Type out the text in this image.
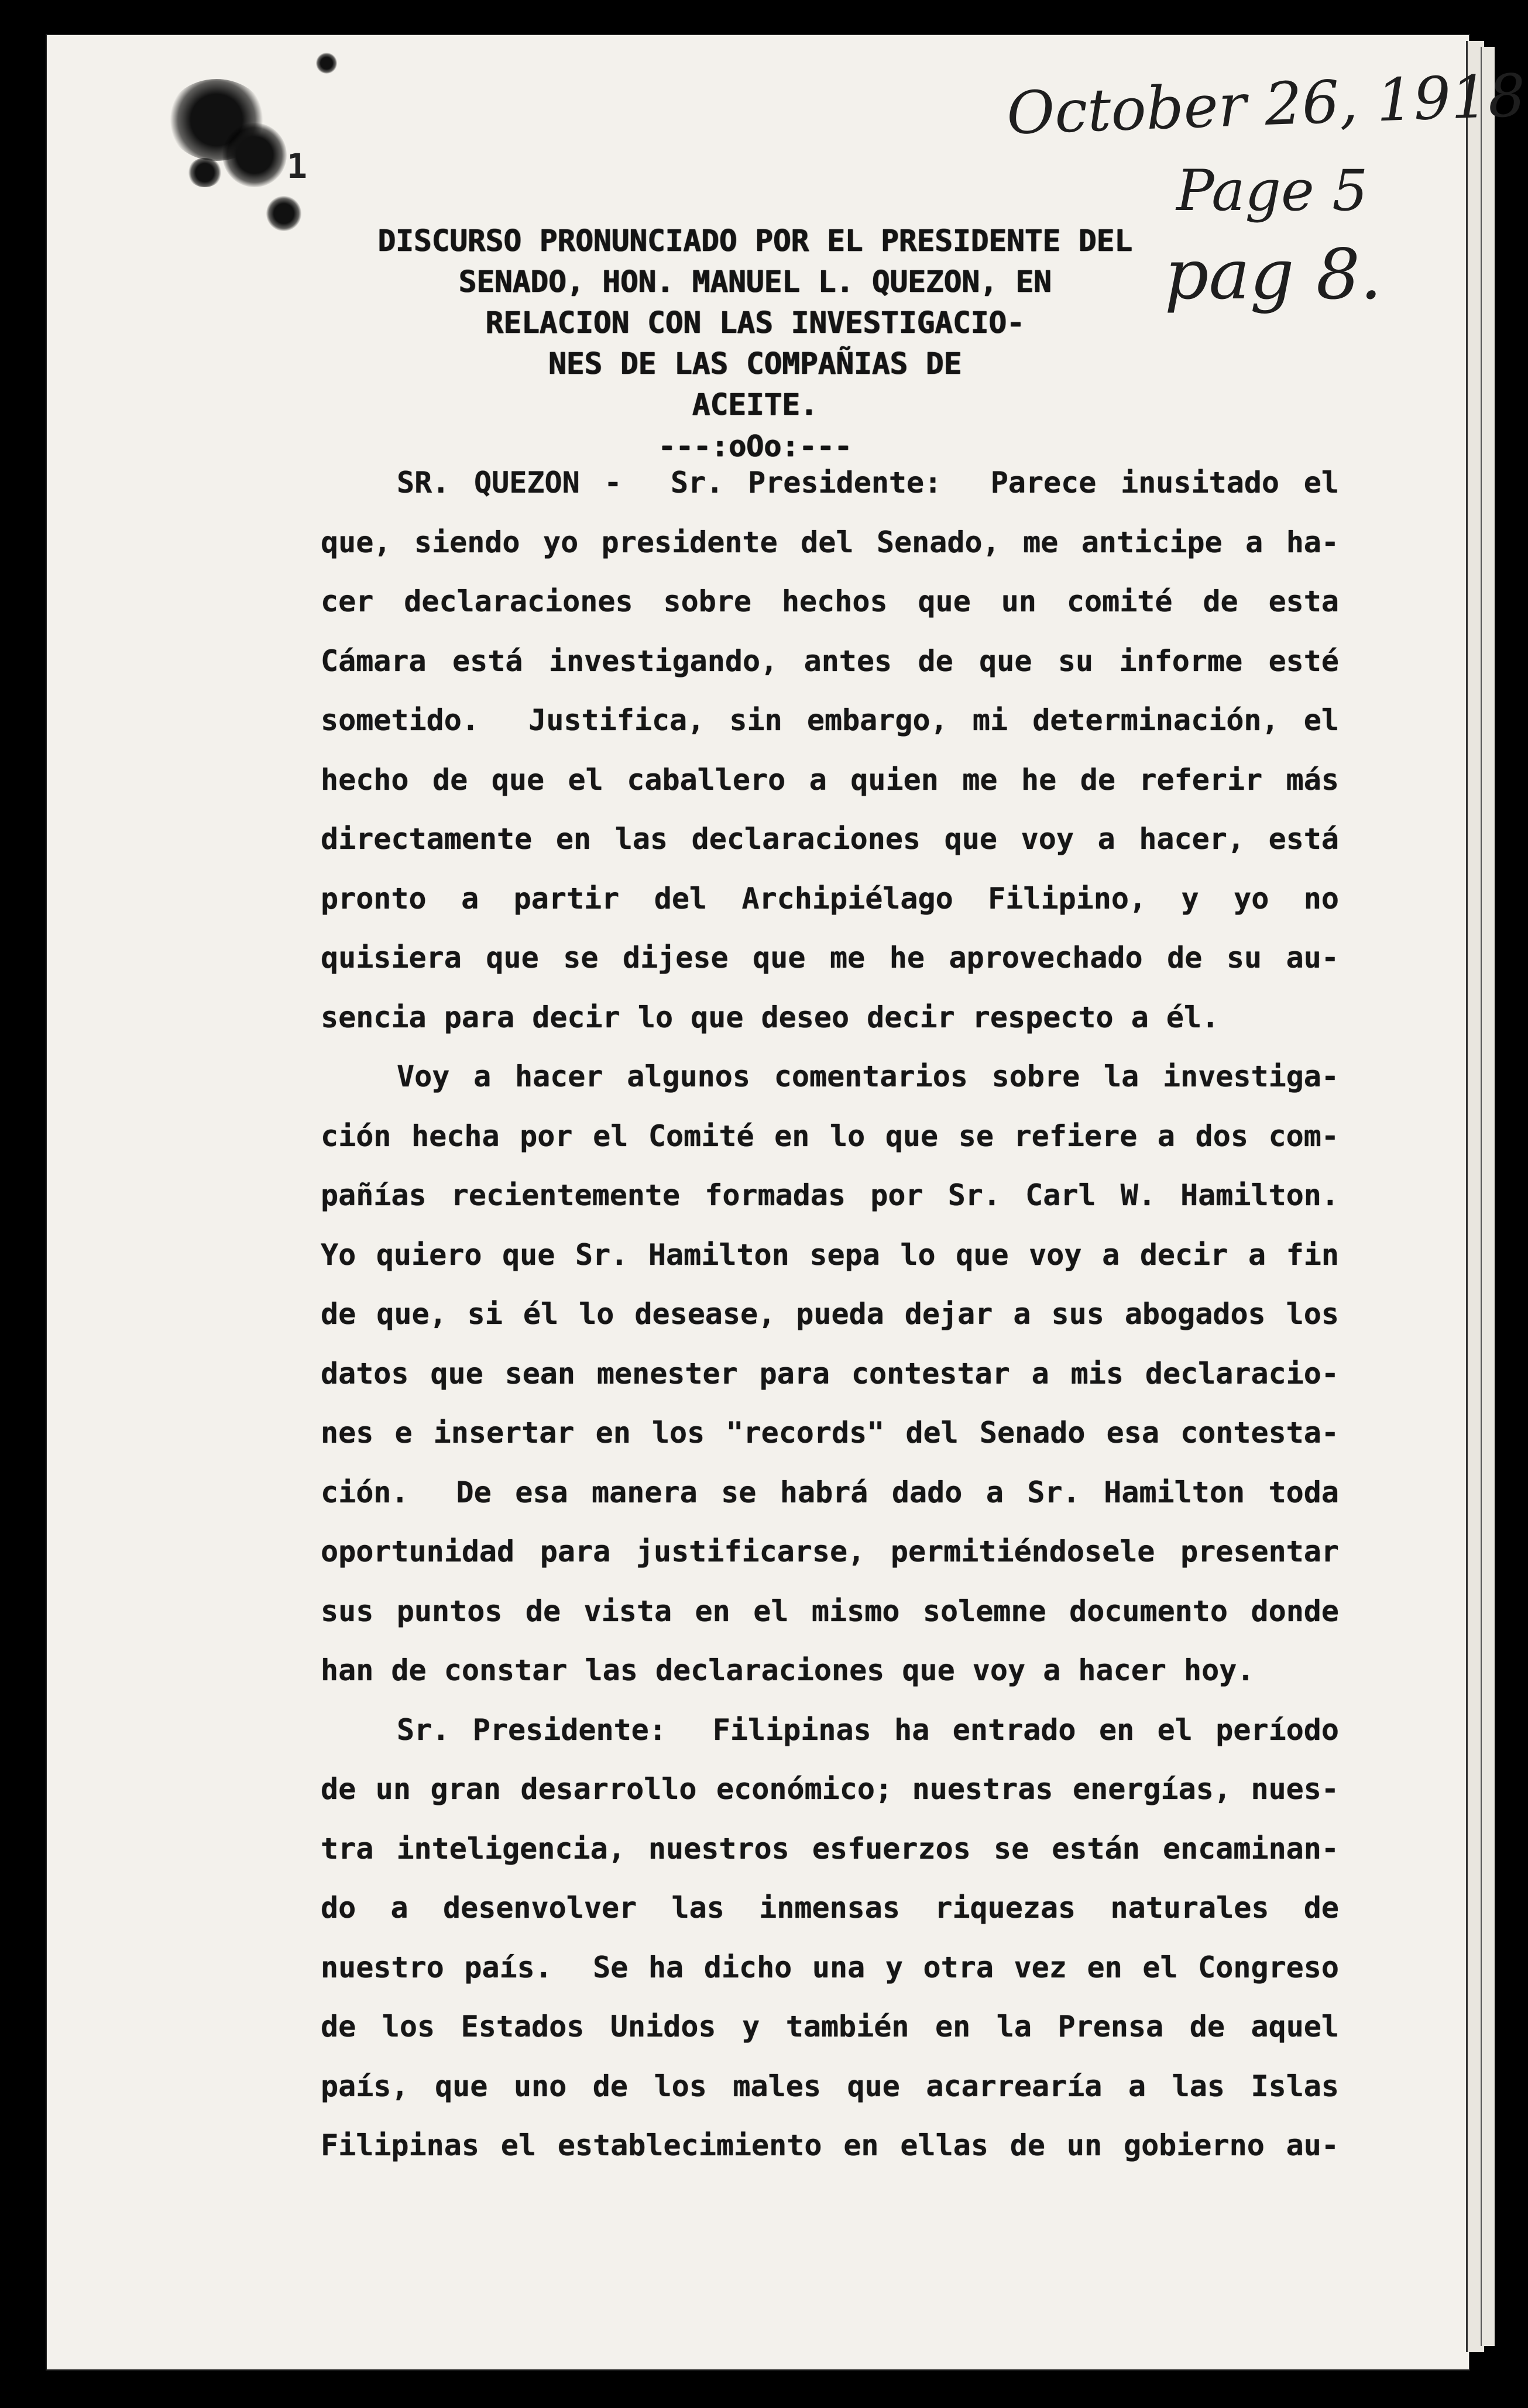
1
October 26, 1918
Page 5
pag 8.
DISCURSO PRONUNCIADO POR EL PRESIDENTE DEL
SENADO, HON. MANUEL L. QUEZON, EN
RELACION CON LAS INVESTIGACIO-
NES DE LAS COMPAÑIAS DE
ACEITE.
---:oOo:---
SR. QUEZON -  Sr. Presidente:  Parece inusitado el
que, siendo yo presidente del Senado, me anticipe a ha-
cer declaraciones sobre hechos que un comité de esta
Cámara está investigando, antes de que su informe esté
sometido.  Justifica, sin embargo, mi determinación, el
hecho de que el caballero a quien me he de referir más
directamente en las declaraciones que voy a hacer, está
pronto a partir del Archipiélago Filipino, y yo no
quisiera que se dijese que me he aprovechado de su au-
sencia para decir lo que deseo decir respecto a él.
Voy a hacer algunos comentarios sobre la investiga-
ción hecha por el Comité en lo que se refiere a dos com-
pañías recientemente formadas por Sr. Carl W. Hamilton.
Yo quiero que Sr. Hamilton sepa lo que voy a decir a fin
de que, si él lo desease, pueda dejar a sus abogados los
datos que sean menester para contestar a mis declaracio-
nes e insertar en los "records" del Senado esa contesta-
ción.  De esa manera se habrá dado a Sr. Hamilton toda
oportunidad para justificarse, permitiéndosele presentar
sus puntos de vista en el mismo solemne documento donde
han de constar las declaraciones que voy a hacer hoy.
Sr. Presidente:  Filipinas ha entrado en el período
de un gran desarrollo económico; nuestras energías, nues-
tra inteligencia, nuestros esfuerzos se están encaminan-
do a desenvolver las inmensas riquezas naturales de
nuestro país.  Se ha dicho una y otra vez en el Congreso
de los Estados Unidos y también en la Prensa de aquel
país, que uno de los males que acarrearía a las Islas
Filipinas el establecimiento en ellas de un gobierno au-
